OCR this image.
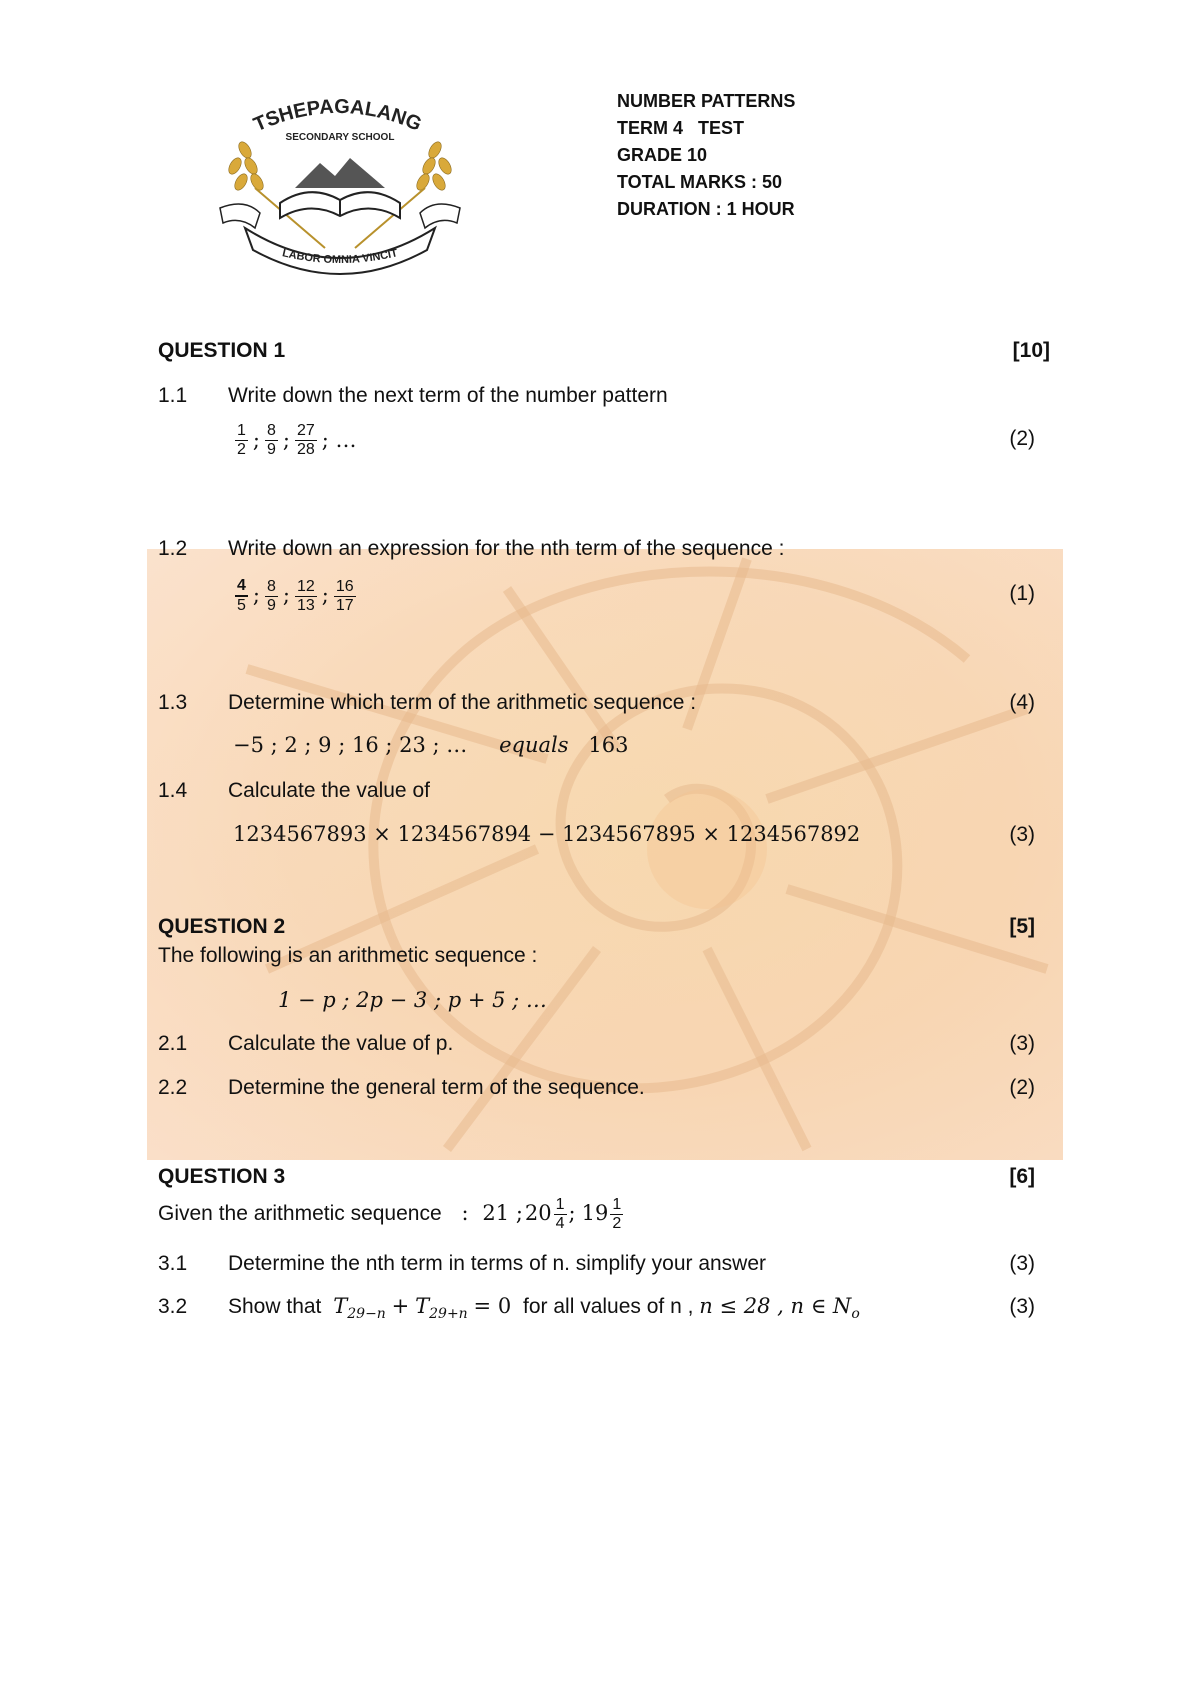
TSHEPAGALANG
SECONDARY SCHOOL
LABOR OMNIA VINCIT
NUMBER PATTERNS
TERM 4   TEST
GRADE 10
TOTAL MARKS : 50
DURATION : 1 HOUR
QUESTION 1	[10]
1.1 Write down the next term of the number pattern
$\frac{1}{2}$ ; $\frac{8}{9}$ ; $\frac{27}{28}$ ; …	(2)
1.2 Write down an expression for the nth term of the sequence :
$\frac{4}{5}$ ; $\frac{8}{9}$ ; $\frac{12}{13}$ ; $\frac{16}{17}$	(1)
1.3 Determine which term of the arithmetic sequence :	(4)
−5 ; 2 ; 9 ; 16 ; 23 ; … equals 163
1.4 Calculate the value of
1234567893 × 1234567894 − 1234567895 × 1234567892	(3)
QUESTION 2	[5]
The following is an arithmetic sequence :
1 − p ; 2p − 3 ; p + 5 ; …
2.1 Calculate the value of p.	(3)
2.2 Determine the general term of the sequence.	(2)
QUESTION 3	[6]
Given the arithmetic sequence : 21 ;20 $\frac{1}{4}$ ; $19 \frac{1}{2}$
3.1 Determine the nth term in terms of n. simplify your answer	(3)
3.2 Show that $T_{29-n} + T_{29+n} = 0$ for all values of n , n ≤ 28 , n ∈ $N_o$	(3)
